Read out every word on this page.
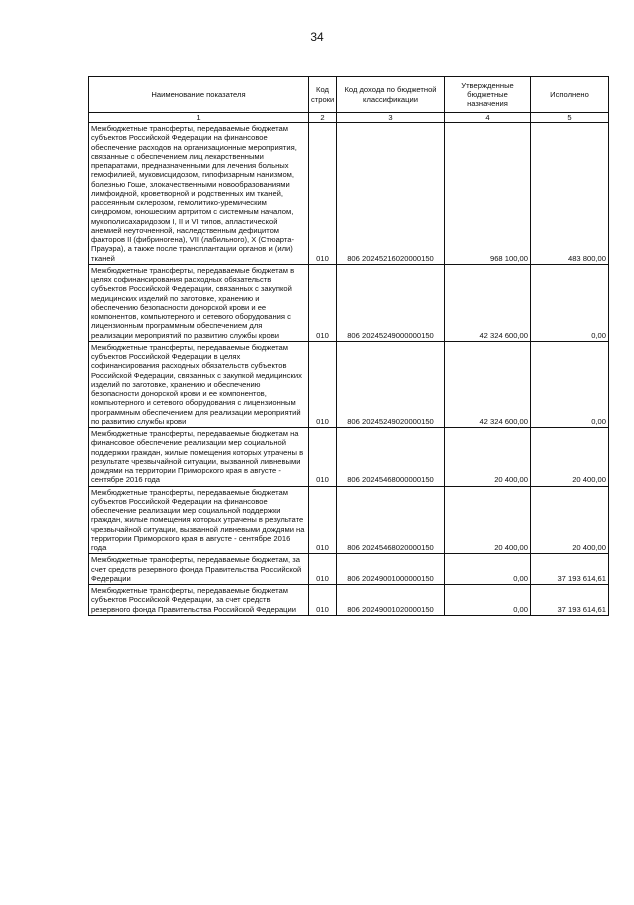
34
Наименование показателя	Код строки	Код дохода по бюджетной классификации	Утвержденные бюджетные назначения	Исполнено
1	2	3	4	5
Межбюджетные трансферты, передаваемые бюджетам субъектов Российской Федерации на финансовое обеспечение расходов на организационные мероприятия, связанные с обеспечением лиц лекарственными препаратами, предназначенными для лечения больных гемофилией, муковисцидозом, гипофизарным нанизмом, болезнью Гоше, злокачественными новообразованиями лимфоидной, кроветворной и родственных им тканей, рассеянным склерозом, гемолитико-уремическим синдромом, юношеским артритом с системным началом, мукополисахаридозом I, II и VI типов, апластической анемией неуточненной, наследственным дефицитом факторов II (фибриногена), VII (лабильного), X (Стюарта-Прауэра), а также после трансплантации органов и (или) тканей	010	806 20245216020000150	968 100,00	483 800,00
Межбюджетные трансферты, передаваемые бюджетам в целях софинансирования расходных обязательств субъектов Российской Федерации, связанных с закупкой медицинских изделий по заготовке, хранению и обеспечению безопасности донорской крови и ее компонентов, компьютерного и сетевого оборудования с лицензионным программным обеспечением для реализации мероприятий по развитию службы крови	010	806 20245249000000150	42 324 600,00	0,00
Межбюджетные трансферты, передаваемые бюджетам субъектов Российской Федерации в целях софинансирования расходных обязательств субъектов Российской Федерации, связанных с закупкой медицинских изделий по заготовке, хранению и обеспечению безопасности донорской крови и ее компонентов, компьютерного и сетевого оборудования с лицензионным программным обеспечением для реализации мероприятий по развитию службы крови	010	806 20245249020000150	42 324 600,00	0,00
Межбюджетные трансферты, передаваемые бюджетам на финансовое обеспечение реализации мер социальной поддержки граждан, жилые помещения которых утрачены в результате чрезвычайной ситуации, вызванной ливневыми дождями на территории Приморского края в августе - сентябре 2016 года	010	806 20245468000000150	20 400,00	20 400,00
Межбюджетные трансферты, передаваемые бюджетам субъектов Российской Федерации на финансовое обеспечение реализации мер социальной поддержки граждан, жилые помещения которых утрачены в результате чрезвычайной ситуации, вызванной ливневыми дождями на территории Приморского края в августе - сентябре 2016 года	010	806 20245468020000150	20 400,00	20 400,00
Межбюджетные трансферты, передаваемые бюджетам, за счет средств резервного фонда Правительства Российской Федерации	010	806 20249001000000150	0,00	37 193 614,61
Межбюджетные трансферты, передаваемые бюджетам субъектов Российской Федерации, за счет средств резервного фонда Правительства Российской Федерации	010	806 20249001020000150	0,00	37 193 614,61
